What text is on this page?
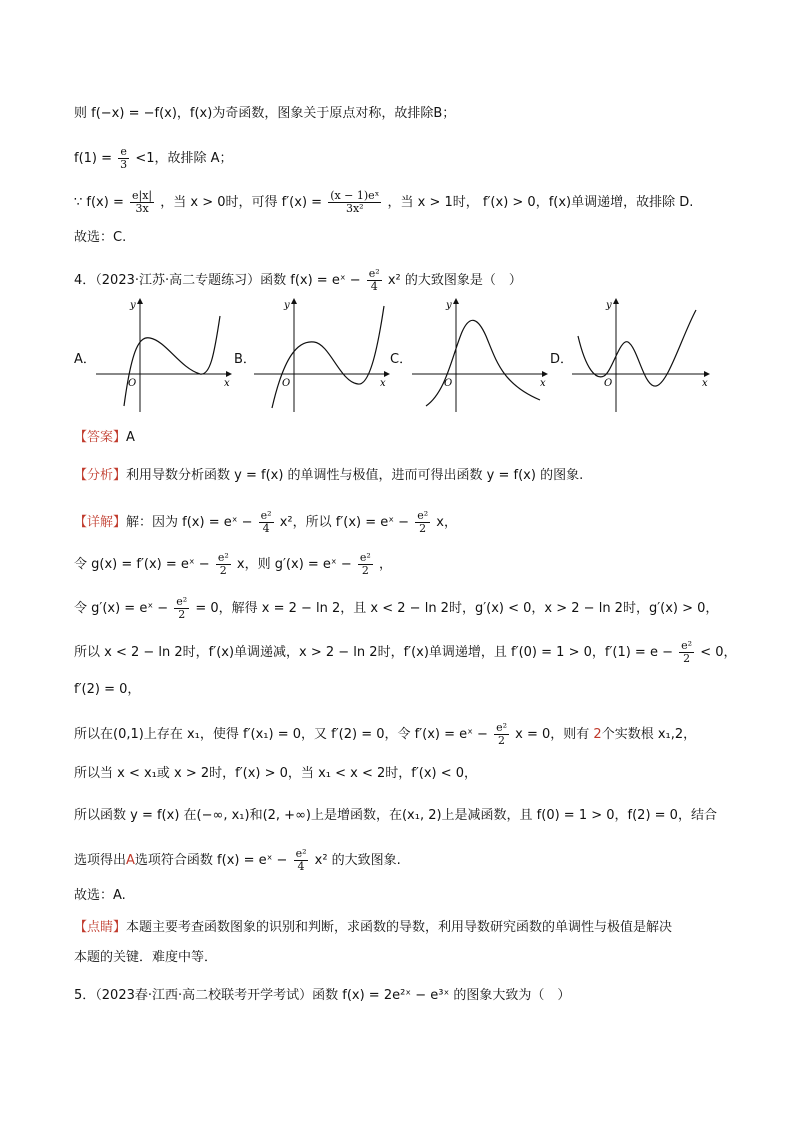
则 f(−x) = −f(x)，f(x)为奇函数，图象关于原点对称，故排除B；
$f(1) = \frac{e}{3} <1$，故排除 A；
∵ $f(x) = \frac{e|x|}{3x}$ ，当 x > 0时，可得 $f'(x) = \frac{\text{(x − 1)eˣ}}{\text{3x²}}$ ，当 x > 1时， f′(x) > 0，f(x)单调递增，故排除 D.
故选：C.
4．（2023·江苏·高二专题练习）函数 f(x) = eˣ − $\frac{\text{e²}}{4} x^2$ 的大致图象是（　）
A．
y
x
O
B．
y
x
O
C．
y
x
O
D．
y
x
O
【答案】A
【分析】利用导数分析函数 y = f(x) 的单调性与极值，进而可得出函数 y = f(x) 的图象.
【详解】解：因为 f(x) = eˣ − $\frac{\text{e²}}{4} x^2$，所以 f′(x) = eˣ − $\frac{\text{e²}}{2}$ x，
令 g(x) = f′(x) = eˣ − $\frac{\text{e²}}{2}$ x，则 g′(x) = eˣ − $\frac{\text{e²}}{2}$ ，
令 g′(x) = eˣ − $\frac{\text{e²}}{2} = 0$，解得 x = 2 − ln 2，且 x < 2 − ln 2时，g′(x) < 0，x > 2 − ln 2时，g′(x) > 0，
所以 x < 2 − ln 2时，f′(x)单调递减，x > 2 − ln 2时，f′(x)单调递增，且 f′(0) = 1 > 0，$f'(1) = e - \frac{\text{e²}}{2} < 0$，
f′(2) = 0，
所以在(0,1)上存在 x₁，使得 f′(x₁) = 0，又 f′(2) = 0，令 f′(x) = eˣ − $\frac{\text{e²}}{2}$ x = 0，则有 2个实数根 x₁,2，
所以当 x < x₁或 x > 2时，f′(x) > 0，当 x₁ < x < 2时，f′(x) < 0，
所以函数 y = f(x) 在(−∞, x₁)和(2, +∞)上是增函数，在(x₁, 2)上是减函数，且 f(0) = 1 > 0，f(2) = 0，结合
选项得出A选项符合函数 f(x) = eˣ − $\frac{\text{e²}}{4} x^2$ 的大致图象.
故选：A.
【点睛】本题主要考查函数图象的识别和判断，求函数的导数，利用导数研究函数的单调性与极值是解决
本题的关键．难度中等．
5．（2023春·江西·高二校联考开学考试）函数 f(x) = 2e²ˣ − e³ˣ 的图象大致为（　）
